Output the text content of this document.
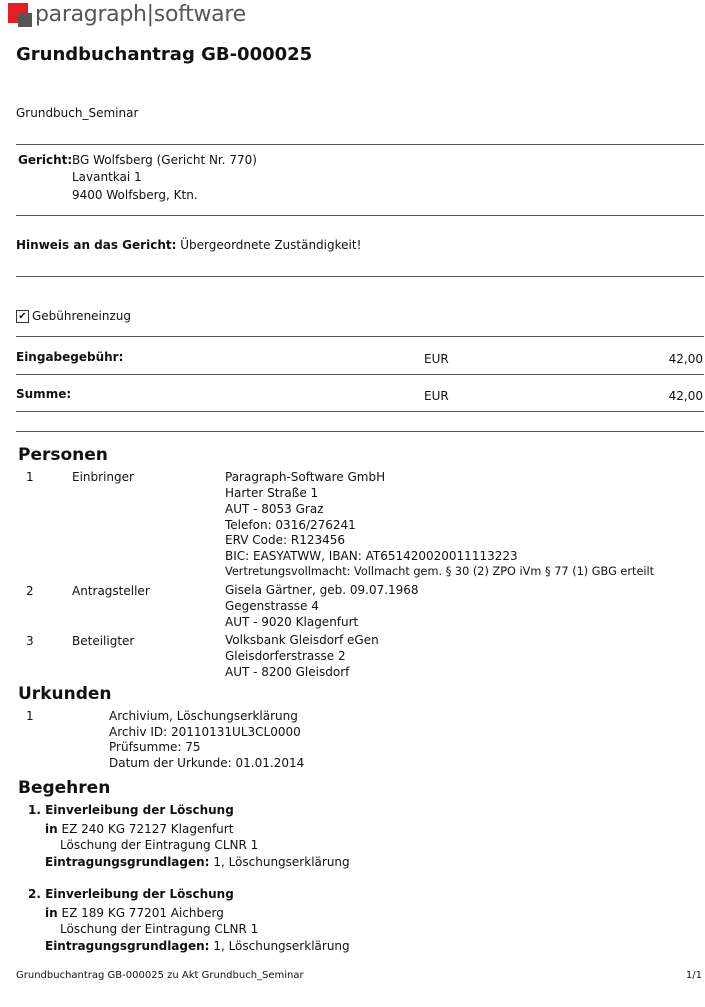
paragraph|software
Grundbuchantrag GB-000025
Grundbuch_Seminar
Gericht: BG Wolfsberg (Gericht Nr. 770)
Lavantkai 1
9400 Wolfsberg, Ktn.
Hinweis an das Gericht: Übergeordnete Zuständigkeit!
✔ Gebühreneinzug
Eingabegebühr:	EUR	42,00
Summe:	EUR	42,00
Personen
1	Einbringer	Paragraph-Software GmbH
Harter Straße 1
AUT - 8053 Graz
Telefon: 0316/276241
ERV Code: R123456
BIC: EASYATWW, IBAN: AT651420020011113223
Vertretungsvollmacht: Vollmacht gem. § 30 (2) ZPO iVm § 77 (1) GBG erteilt
2	Antragsteller	Gisela Gärtner, geb. 09.07.1968
Gegenstrasse 4
AUT - 9020 Klagenfurt
3	Beteiligter	Volksbank Gleisdorf eGen
Gleisdorferstrasse 2
AUT - 8200 Gleisdorf
Urkunden
1	Archivium, Löschungserklärung
Archiv ID: 20110131UL3CL0000
Prüfsumme: 75
Datum der Urkunde: 01.01.2014
Begehren
1. Einverleibung der Löschung
in EZ 240 KG 72127 Klagenfurt
Löschung der Eintragung CLNR 1
Eintragungsgrundlagen: 1, Löschungserklärung
2. Einverleibung der Löschung
in EZ 189 KG 77201 Aichberg
Löschung der Eintragung CLNR 1
Eintragungsgrundlagen: 1, Löschungserklärung
Grundbuchantrag GB-000025 zu Akt Grundbuch_Seminar	1/1
